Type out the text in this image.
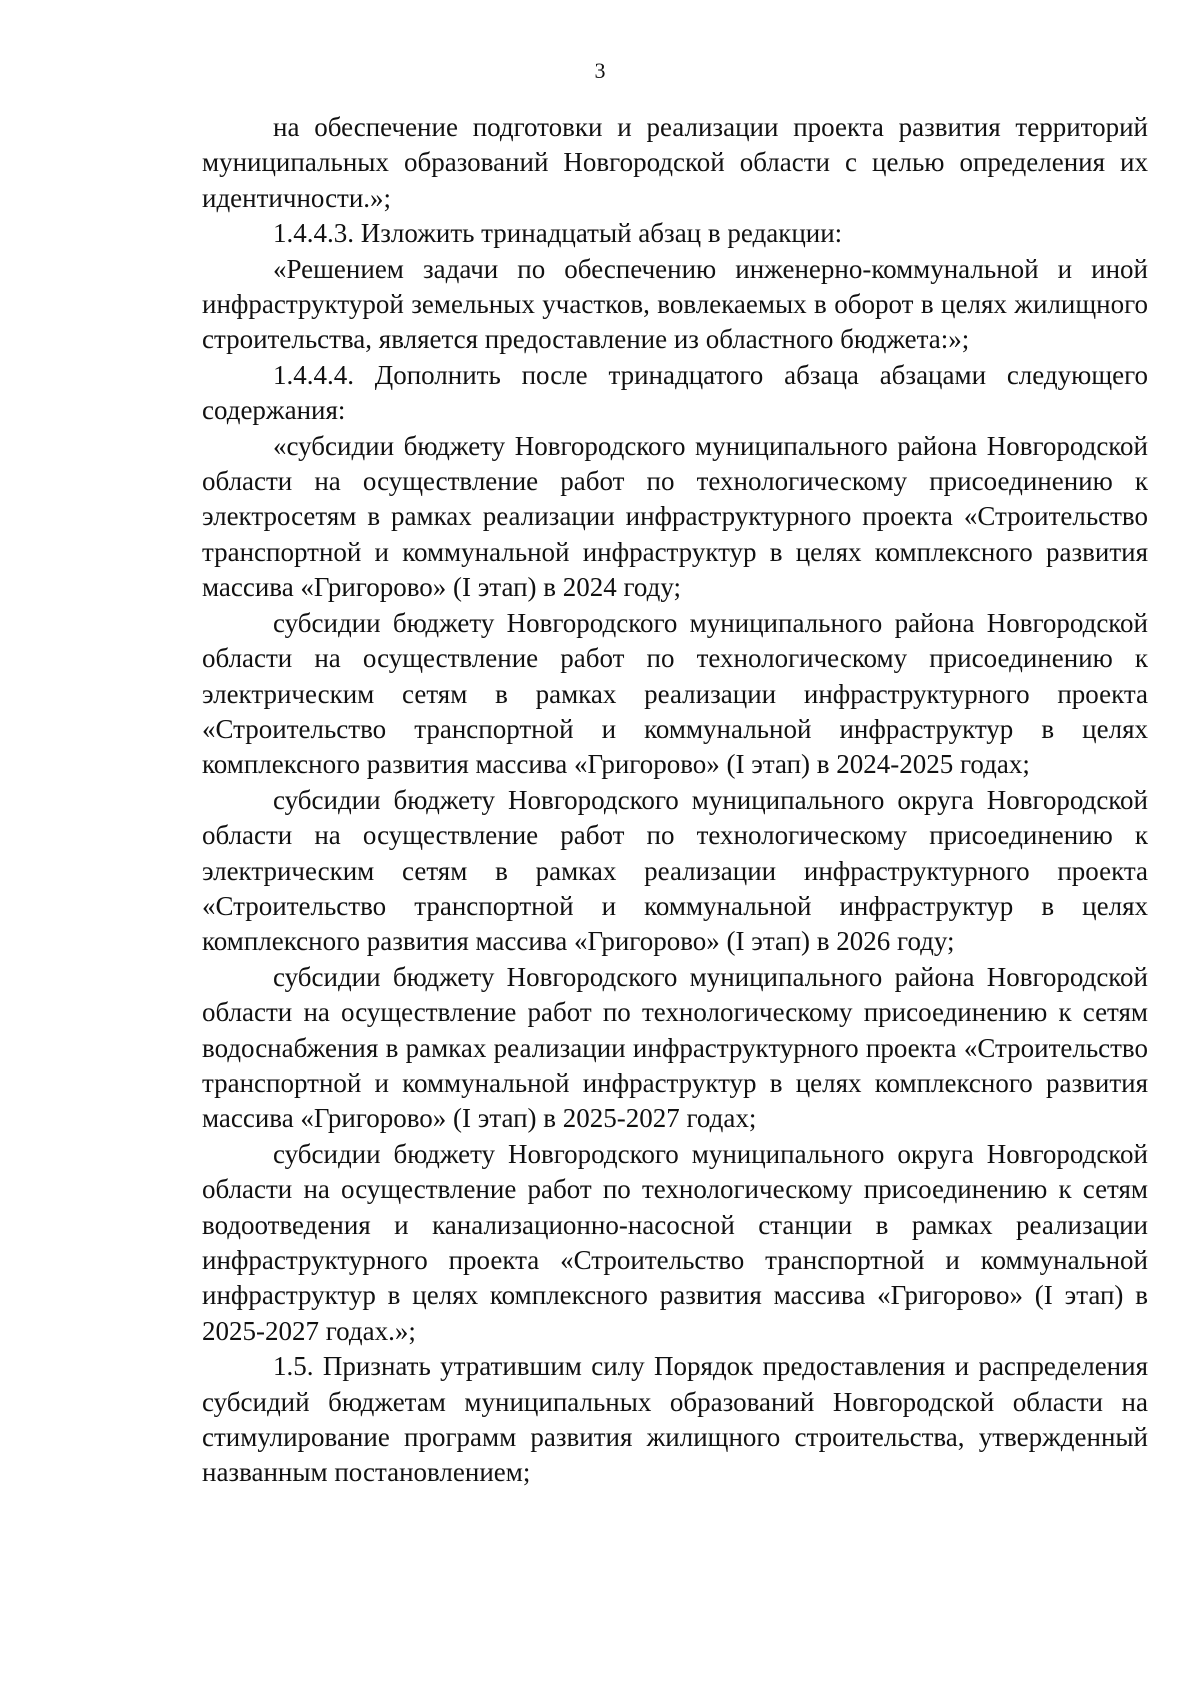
3

на обеспечение подготовки и реализации проекта развития территорий муниципальных образований Новгородской области с целью определения их идентичности.»;

1.4.4.3. Изложить тринадцатый абзац в редакции:

«Решением задачи по обеспечению инженерно-коммунальной и иной инфраструктурой земельных участков, вовлекаемых в оборот в целях жилищного строительства, является предоставление из областного бюджета:»;

1.4.4.4. Дополнить после тринадцатого абзаца абзацами следующего содержания:

«субсидии бюджету Новгородского муниципального района Новгородской области на осуществление работ по технологическому присоединению к электросетям в рамках реализации инфраструктурного проекта «Строительство транспортной и коммунальной инфраструктур в целях комплексного развития массива «Григорово» (I этап) в 2024 году;

субсидии бюджету Новгородского муниципального района Новгородской области на осуществление работ по технологическому присоединению к электрическим сетям в рамках реализации инфраструктурного проекта «Строительство транспортной и коммунальной инфраструктур в целях комплексного развития массива «Григорово» (I этап) в 2024-2025 годах;

субсидии бюджету Новгородского муниципального округа Новгородской области на осуществление работ по технологическому присоединению к электрическим сетям в рамках реализации инфраструктурного проекта «Строительство транспортной и коммунальной инфраструктур в целях комплексного развития массива «Григорово» (I этап) в 2026 году;

субсидии бюджету Новгородского муниципального района Новгородской области на осуществление работ по технологическому присоединению к сетям водоснабжения в рамках реализации инфраструктурного проекта «Строительство транспортной и коммунальной инфраструктур в целях комплексного развития массива «Григорово» (I этап) в 2025-2027 годах;

субсидии бюджету Новгородского муниципального округа Новгородской области на осуществление работ по технологическому присоединению к сетям водоотведения и канализационно-насосной станции в рамках реализации инфраструктурного проекта «Строительство транспортной и коммунальной инфраструктур в целях комплексного развития массива «Григорово» (I этап) в 2025-2027 годах.»;

1.5. Признать утратившим силу Порядок предоставления и распределения субсидий бюджетам муниципальных образований Новгородской области на стимулирование программ развития жилищного строительства, утвержденный названным постановлением;
